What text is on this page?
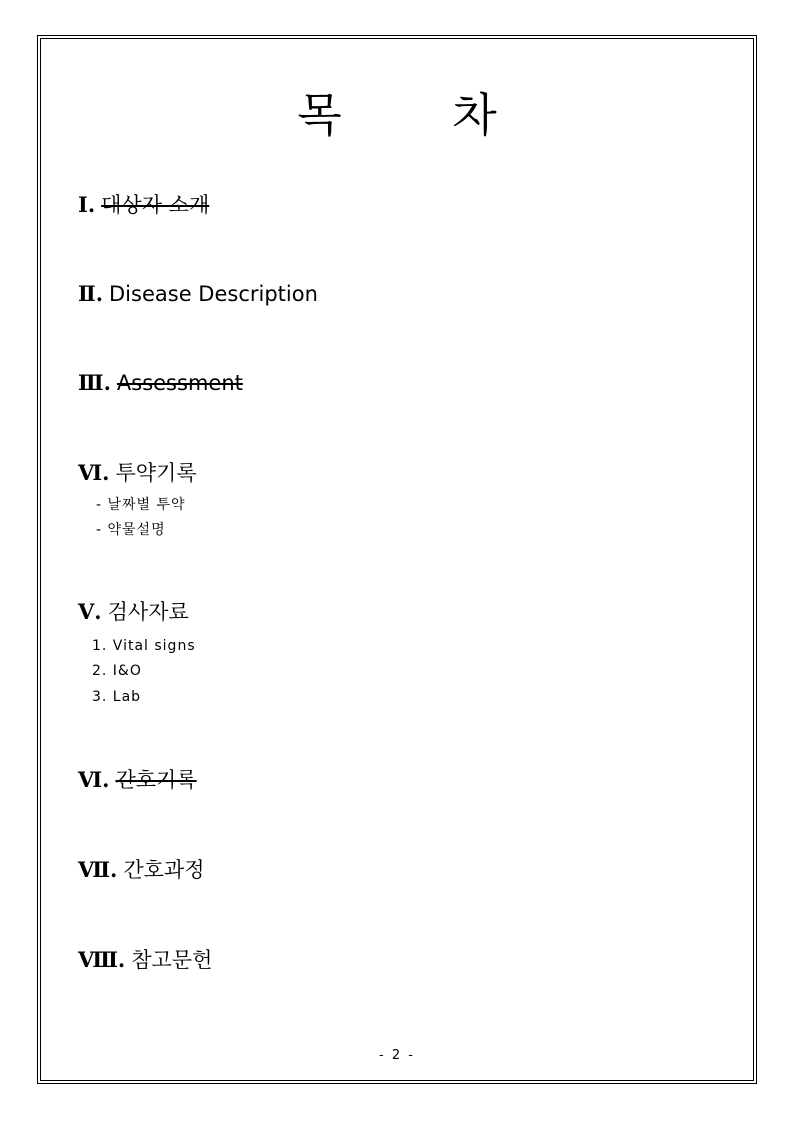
목 차
Ⅰ. 대상자 소개
Ⅱ. Disease Description
Ⅲ. Assessment
Ⅵ. 투약기록
- 날짜별 투약
- 약물설명
Ⅴ. 검사자료
1. Vital signs
2. I&O
3. Lab
Ⅵ. 간호기록
Ⅶ. 간호과정
Ⅷ. 참고문헌
- 2 -
